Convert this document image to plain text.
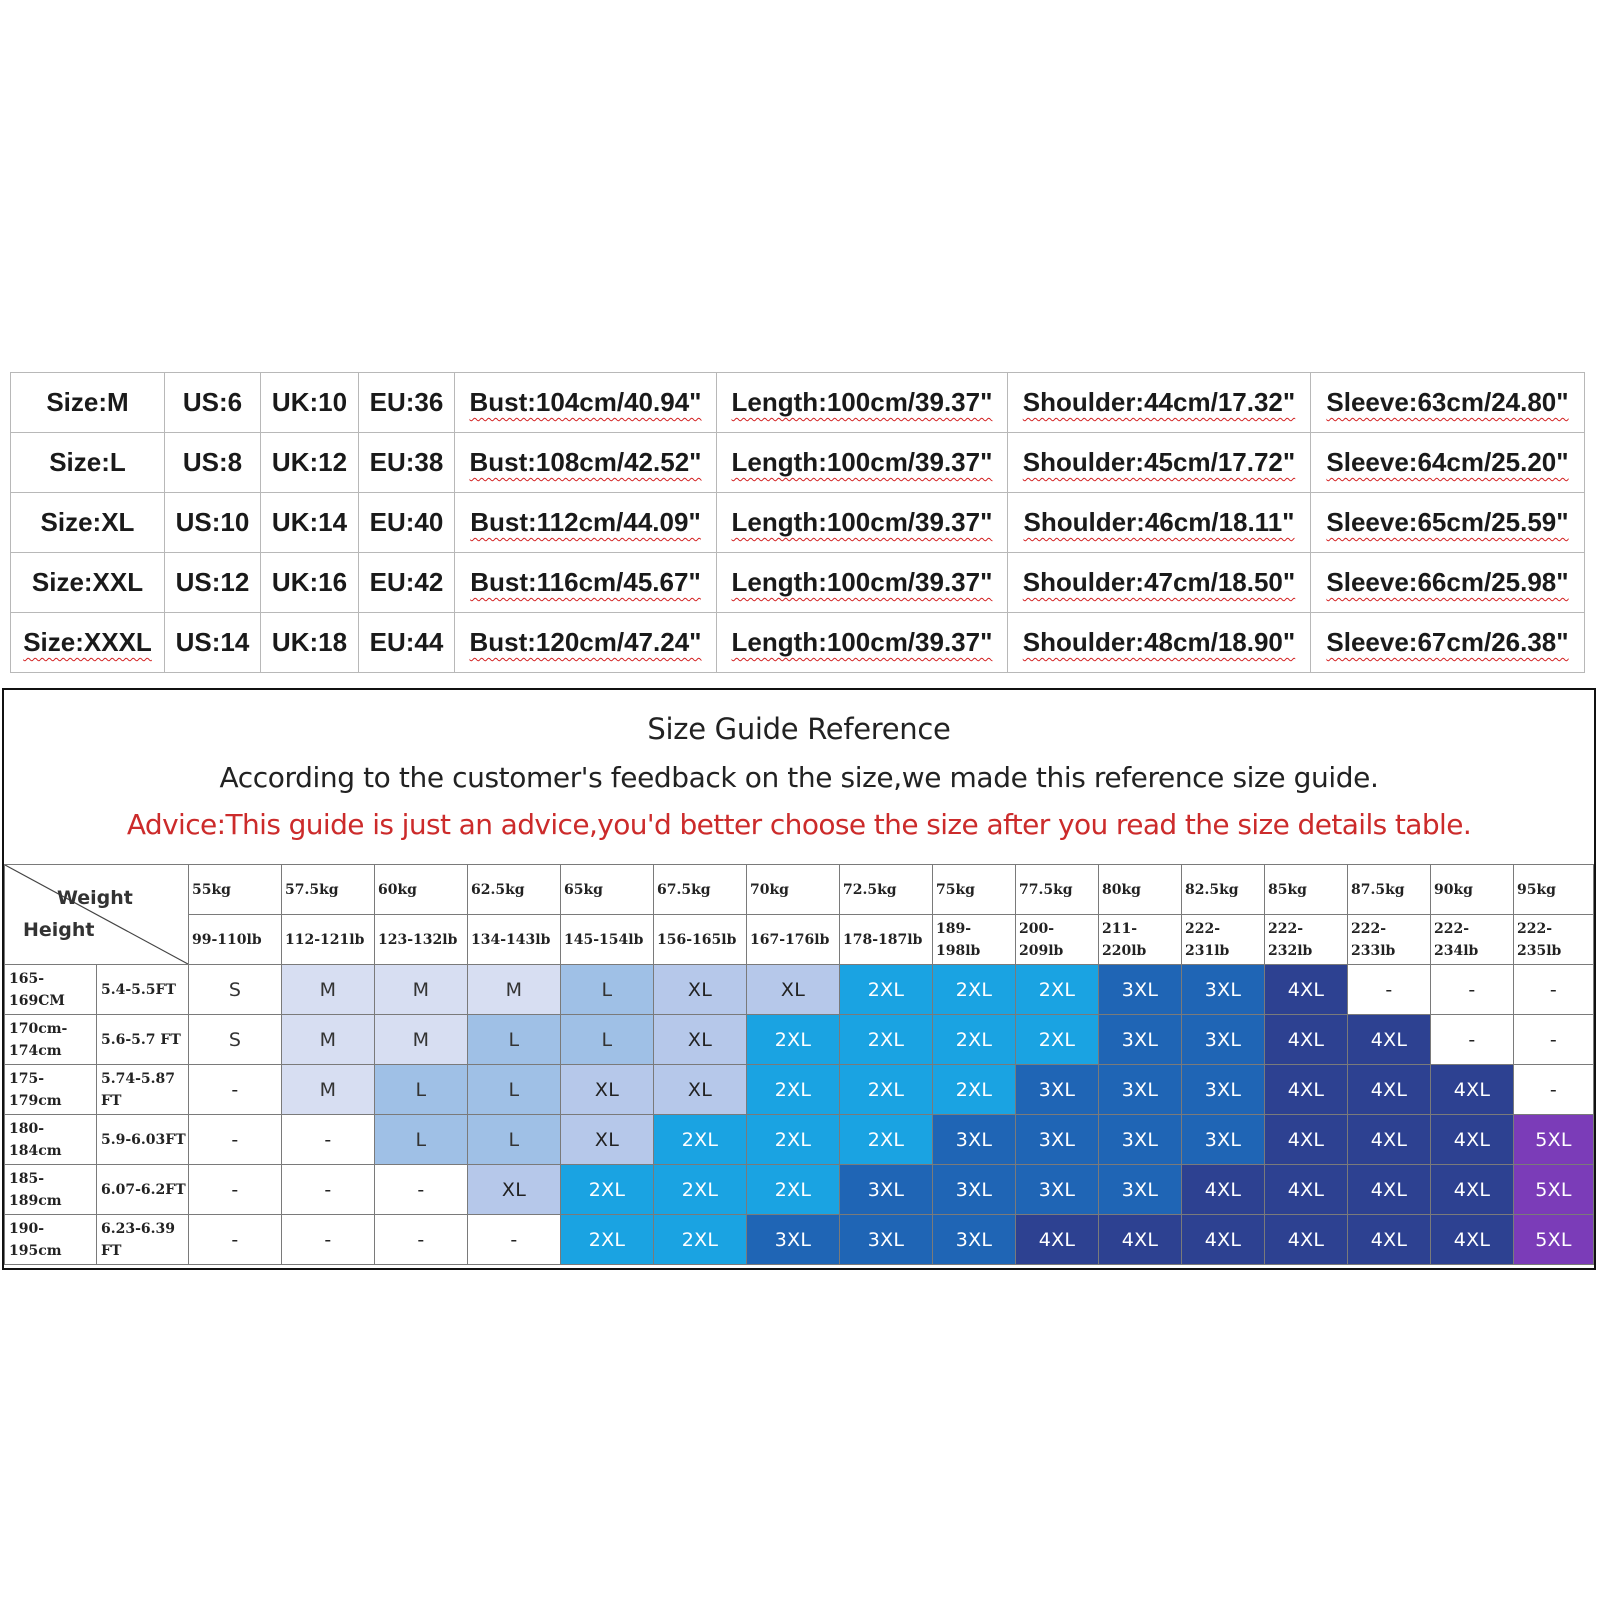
Size:M	US:6	UK:10	EU:36	Bust:104cm/40.94"	Length:100cm/39.37"	Shoulder:44cm/17.32"	Sleeve:63cm/24.80"
Size:L	US:8	UK:12	EU:38	Bust:108cm/42.52"	Length:100cm/39.37"	Shoulder:45cm/17.72"	Sleeve:64cm/25.20"
Size:XL	US:10	UK:14	EU:40	Bust:112cm/44.09"	Length:100cm/39.37"	Shoulder:46cm/18.11"	Sleeve:65cm/25.59"
Size:XXL	US:12	UK:16	EU:42	Bust:116cm/45.67"	Length:100cm/39.37"	Shoulder:47cm/18.50"	Sleeve:66cm/25.98"
Size:XXXL	US:14	UK:18	EU:44	Bust:120cm/47.24"	Length:100cm/39.37"	Shoulder:48cm/18.90"	Sleeve:67cm/26.38"
Size Guide Reference
According to the customer's feedback on the size,we made this reference size guide.
Advice:This guide is just an advice,you'd better choose the size after you read the size details table.
Weight
Height		55kg	57.5kg	60kg	62.5kg	65kg	67.5kg	70kg	72.5kg	75kg	77.5kg	80kg	82.5kg	85kg	87.5kg	90kg	95kg
		99-110lb	112-121lb	123-132lb	134-143lb	145-154lb	156-165lb	167-176lb	178-187lb	189-198lb	200-209lb	211-220lb	222-231lb	222-232lb	222-233lb	222-234lb	222-235lb
165-169CM	5.4-5.5FT	S	M	M	M	L	XL	XL	2XL	2XL	2XL	3XL	3XL	4XL	-	-	-
170cm-174cm	5.6-5.7 FT	S	M	M	L	L	XL	2XL	2XL	2XL	2XL	3XL	3XL	4XL	4XL	-	-
175-179cm	5.74-5.87 FT	-	M	L	L	XL	XL	2XL	2XL	2XL	3XL	3XL	3XL	4XL	4XL	4XL	-
180-184cm	5.9-6.03FT	-	-	L	L	XL	2XL	2XL	2XL	3XL	3XL	3XL	3XL	4XL	4XL	4XL	5XL
185-189cm	6.07-6.2FT	-	-	-	XL	2XL	2XL	2XL	3XL	3XL	3XL	3XL	4XL	4XL	4XL	4XL	5XL
190-195cm	6.23-6.39 FT	-	-	-	-	2XL	2XL	3XL	3XL	3XL	4XL	4XL	4XL	4XL	4XL	4XL	5XL
